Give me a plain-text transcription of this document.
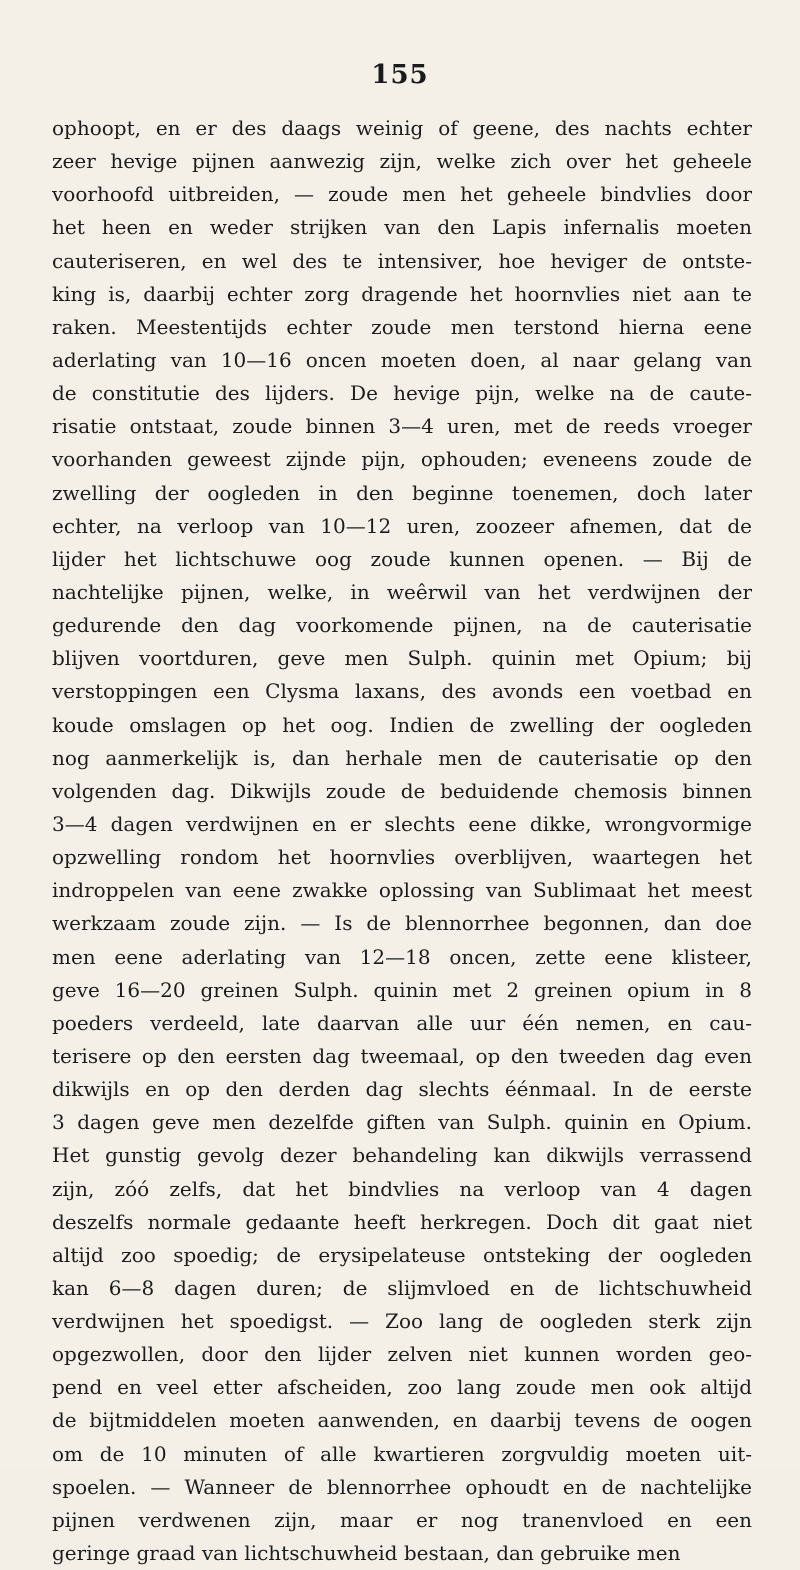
155
ophoopt, en er des daags weinig of geene, des nachts echter
zeer hevige pijnen aanwezig zijn, welke zich over het geheele
voorhoofd uitbreiden, — zoude men het geheele bindvlies door
het heen en weder strijken van den Lapis infernalis moeten
cauteriseren, en wel des te intensiver, hoe heviger de ontste-
king is, daarbij echter zorg dragende het hoornvlies niet aan te
raken. Meestentijds echter zoude men terstond hierna eene
aderlating van 10—16 oncen moeten doen, al naar gelang van
de constitutie des lijders. De hevige pijn, welke na de caute-
risatie ontstaat, zoude binnen 3—4 uren, met de reeds vroeger
voorhanden geweest zijnde pijn, ophouden; eveneens zoude de
zwelling der oogleden in den beginne toenemen, doch later
echter, na verloop van 10—12 uren, zoozeer afnemen, dat de
lijder het lichtschuwe oog zoude kunnen openen. — Bij de
nachtelijke pijnen, welke, in weêrwil van het verdwijnen der
gedurende den dag voorkomende pijnen, na de cauterisatie
blijven voortduren, geve men Sulph. quinin met Opium; bij
verstoppingen een Clysma laxans, des avonds een voetbad en
koude omslagen op het oog. Indien de zwelling der oogleden
nog aanmerkelijk is, dan herhale men de cauterisatie op den
volgenden dag. Dikwijls zoude de beduidende chemosis binnen
3—4 dagen verdwijnen en er slechts eene dikke, wrongvormige
opzwelling rondom het hoornvlies overblijven, waartegen het
indroppelen van eene zwakke oplossing van Sublimaat het meest
werkzaam zoude zijn. — Is de blennorrhee begonnen, dan doe
men eene aderlating van 12—18 oncen, zette eene klisteer,
geve 16—20 greinen Sulph. quinin met 2 greinen opium in 8
poeders verdeeld, late daarvan alle uur één nemen, en cau-
terisere op den eersten dag tweemaal, op den tweeden dag even
dikwijls en op den derden dag slechts éénmaal. In de eerste
3 dagen geve men dezelfde giften van Sulph. quinin en Opium.
Het gunstig gevolg dezer behandeling kan dikwijls verrassend
zijn, zóó zelfs, dat het bindvlies na verloop van 4 dagen
deszelfs normale gedaante heeft herkregen. Doch dit gaat niet
altijd zoo spoedig; de erysipelateuse ontsteking der oogleden
kan 6—8 dagen duren; de slijmvloed en de lichtschuwheid
verdwijnen het spoedigst. — Zoo lang de oogleden sterk zijn
opgezwollen, door den lijder zelven niet kunnen worden geo-
pend en veel etter afscheiden, zoo lang zoude men ook altijd
de bijtmiddelen moeten aanwenden, en daarbij tevens de oogen
om de 10 minuten of alle kwartieren zorgvuldig moeten uit-
spoelen. — Wanneer de blennorrhee ophoudt en de nachtelijke
pijnen verdwenen zijn, maar er nog tranenvloed en een
geringe graad van lichtschuwheid bestaan, dan gebruike men
